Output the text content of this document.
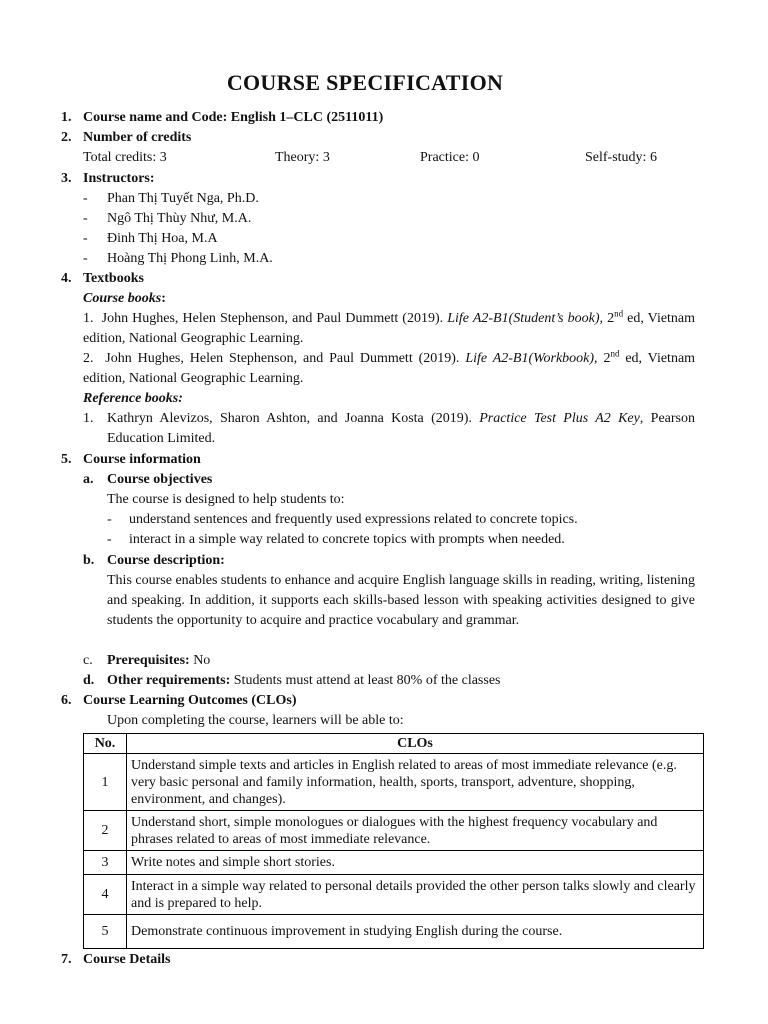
COURSE SPECIFICATION
1. Course name and Code: English 1–CLC (2511011)
2. Number of credits
Total credits: 3	Theory: 3	Practice: 0	Self-study: 6
3. Instructors:
- Phan Thị Tuyết Nga, Ph.D.
- Ngô Thị Thùy Như, M.A.
- Đinh Thị Hoa, M.A
- Hoàng Thị Phong Linh, M.A.
4. Textbooks
Course books:
1. John Hughes, Helen Stephenson, and Paul Dummett (2019). Life A2-B1(Student’s book), 2nd ed, Vietnam edition, National Geographic Learning.
2. John Hughes, Helen Stephenson, and Paul Dummett (2019). Life A2-B1(Workbook), 2nd ed, Vietnam edition, National Geographic Learning.
Reference books:
1. Kathryn Alevizos, Sharon Ashton, and Joanna Kosta (2019). Practice Test Plus A2 Key, Pearson Education Limited.
5. Course information
a. Course objectives
The course is designed to help students to:
- understand sentences and frequently used expressions related to concrete topics.
- interact in a simple way related to concrete topics with prompts when needed.
b. Course description:
This course enables students to enhance and acquire English language skills in reading, writing, listening and speaking. In addition, it supports each skills-based lesson with speaking activities designed to give students the opportunity to acquire and practice vocabulary and grammar.
c. Prerequisites: No
d. Other requirements: Students must attend at least 80% of the classes
6. Course Learning Outcomes (CLOs)
Upon completing the course, learners will be able to:
No.	CLOs
1	Understand simple texts and articles in English related to areas of most immediate relevance (e.g. very basic personal and family information, health, sports, transport, adventure, shopping, environment, and changes).
2	Understand short, simple monologues or dialogues with the highest frequency vocabulary and phrases related to areas of most immediate relevance.
3	Write notes and simple short stories.
4	Interact in a simple way related to personal details provided the other person talks slowly and clearly and is prepared to help.
5	Demonstrate continuous improvement in studying English during the course.
7. Course Details
